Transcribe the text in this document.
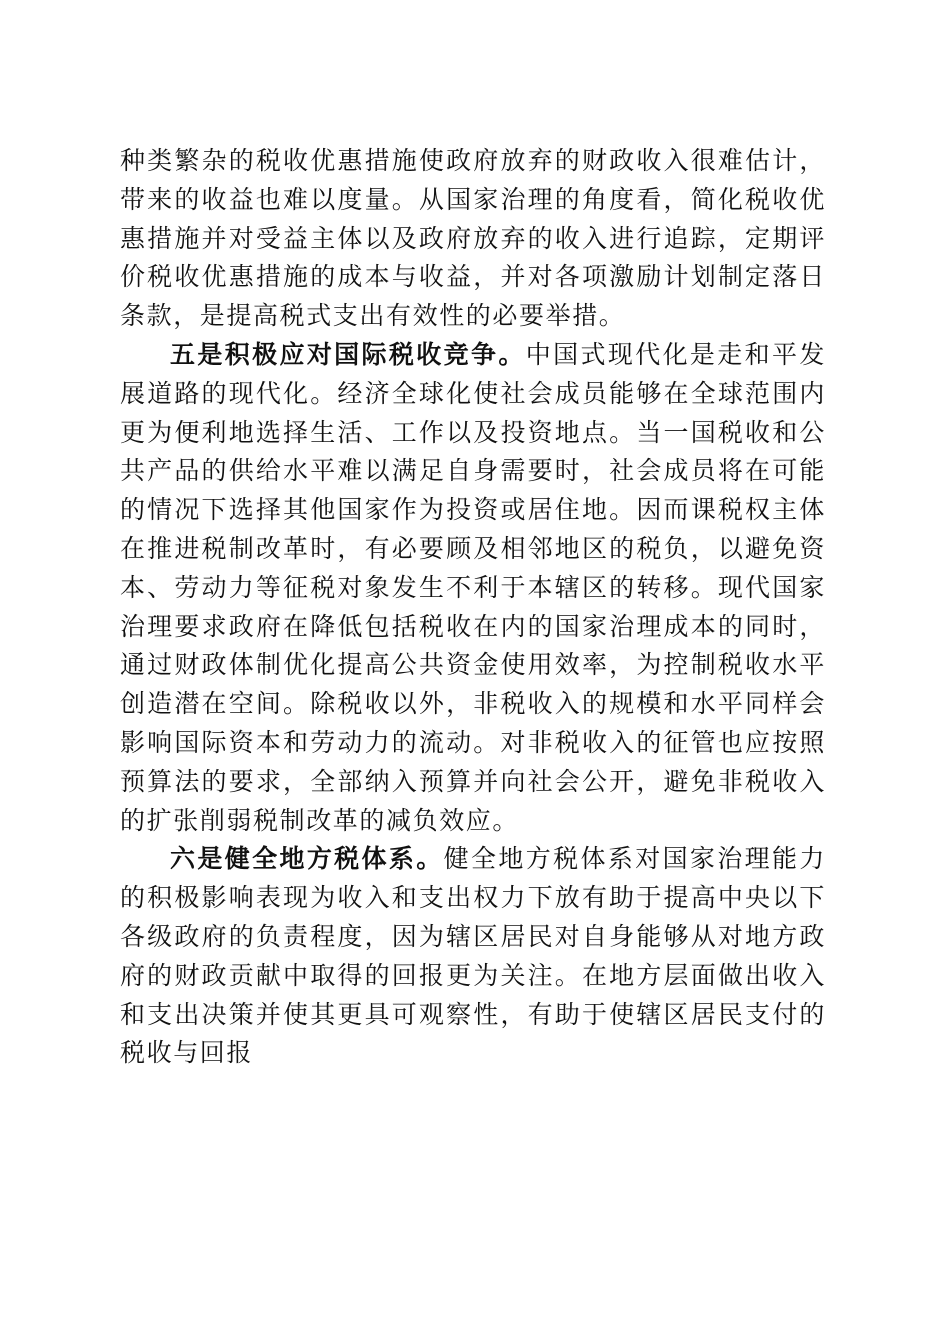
种类繁杂的税收优惠措施使政府放弃的财政收入很难估计，带来的收益也难以度量。从国家治理的角度看，简化税收优惠措施并对受益主体以及政府放弃的收入进行追踪，定期评价税收优惠措施的成本与收益，并对各项激励计划制定落日条款，是提高税式支出有效性的必要举措。

五是积极应对国际税收竞争。中国式现代化是走和平发展道路的现代化。经济全球化使社会成员能够在全球范围内更为便利地选择生活、工作以及投资地点。当一国税收和公共产品的供给水平难以满足自身需要时，社会成员将在可能的情况下选择其他国家作为投资或居住地。因而课税权主体在推进税制改革时，有必要顾及相邻地区的税负，以避免资本、劳动力等征税对象发生不利于本辖区的转移。现代国家治理要求政府在降低包括税收在内的国家治理成本的同时，通过财政体制优化提高公共资金使用效率，为控制税收水平创造潜在空间。除税收以外，非税收入的规模和水平同样会影响国际资本和劳动力的流动。对非税收入的征管也应按照预算法的要求，全部纳入预算并向社会公开，避免非税收入的扩张削弱税制改革的减负效应。

六是健全地方税体系。健全地方税体系对国家治理能力的积极影响表现为收入和支出权力下放有助于提高中央以下各级政府的负责程度，因为辖区居民对自身能够从对地方政府的财政贡献中取得的回报更为关注。在地方层面做出收入和支出决策并使其更具可观察性，有助于使辖区居民支付的税收与回报
